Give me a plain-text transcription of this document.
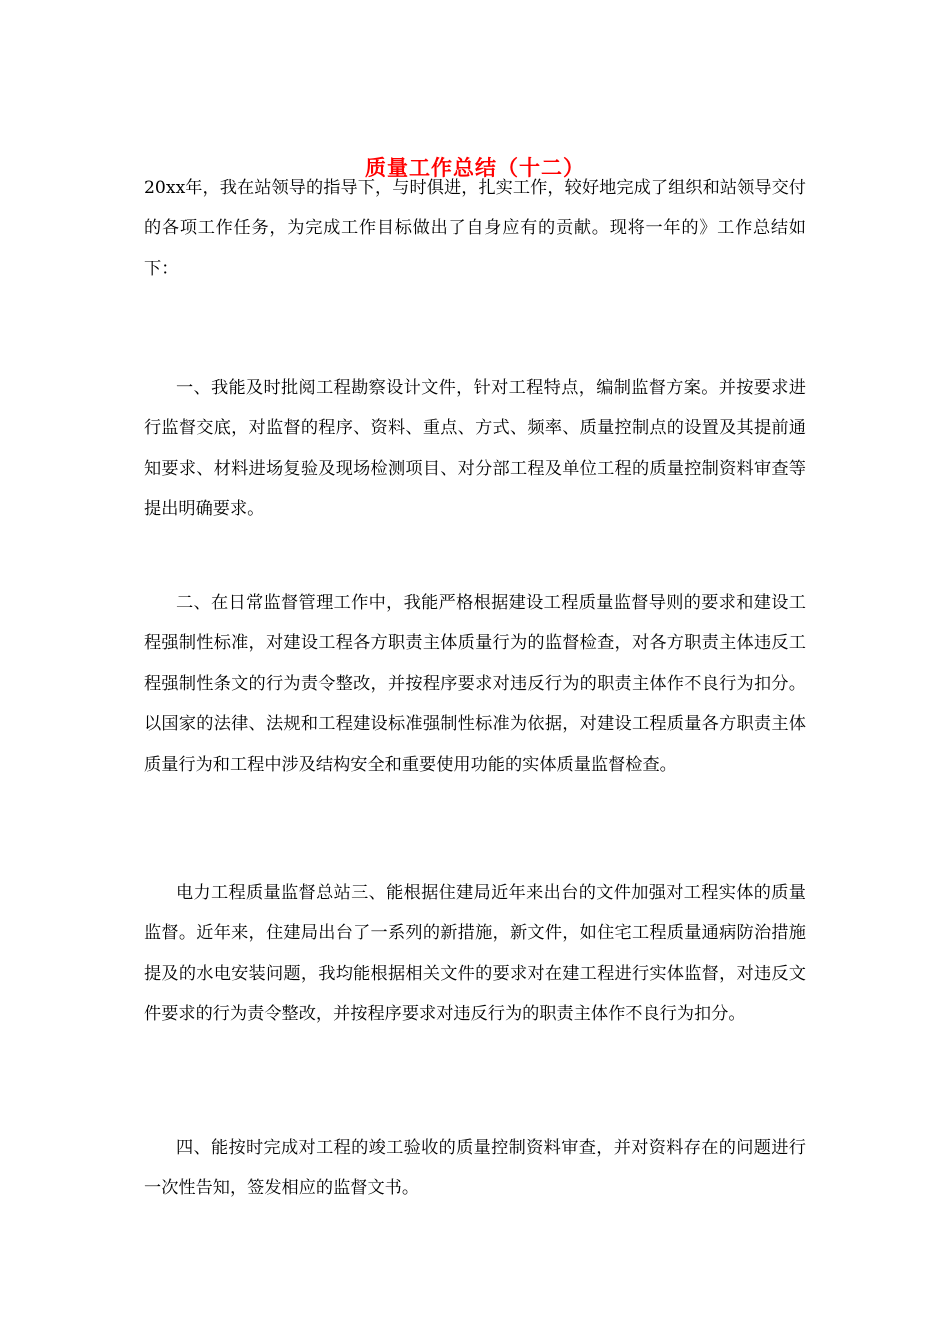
质量工作总结（十二）

20xx年，我在站领导的指导下，与时俱进，扎实工作，较好地完成了组织和站领导交付的各项工作任务，为完成工作目标做出了自身应有的贡献。现将一年的》工作总结如下：

一、我能及时批阅工程勘察设计文件，针对工程特点，编制监督方案。并按要求进行监督交底，对监督的程序、资料、重点、方式、频率、质量控制点的设置及其提前通知要求、材料进场复验及现场检测项目、对分部工程及单位工程的质量控制资料审查等提出明确要求。

二、在日常监督管理工作中，我能严格根据建设工程质量监督导则的要求和建设工程强制性标准，对建设工程各方职责主体质量行为的监督检查，对各方职责主体违反工程强制性条文的行为责令整改，并按程序要求对违反行为的职责主体作不良行为扣分。以国家的法律、法规和工程建设标准强制性标准为依据，对建设工程质量各方职责主体质量行为和工程中涉及结构安全和重要使用功能的实体质量监督检查。

电力工程质量监督总站三、能根据住建局近年来出台的文件加强对工程实体的质量监督。近年来，住建局出台了一系列的新措施，新文件，如住宅工程质量通病防治措施提及的水电安装问题，我均能根据相关文件的要求对在建工程进行实体监督，对违反文件要求的行为责令整改，并按程序要求对违反行为的职责主体作不良行为扣分。

四、能按时完成对工程的竣工验收的质量控制资料审查，并对资料存在的问题进行一次性告知，签发相应的监督文书。
